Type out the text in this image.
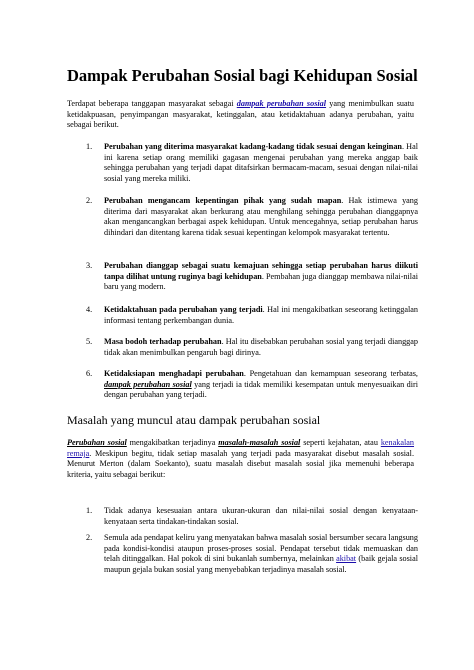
Dampak Perubahan Sosial bagi Kehidupan Sosial

Terdapat beberapa tanggapan masyarakat sebagai dampak perubahan sosial yang menimbulkan suatu ketidakpuasan, penyimpangan masyarakat, ketinggalan, atau ketidaktahuan adanya perubahan, yaitu sebagai berikut.

1. Perubahan yang diterima masyarakat kadang-kadang tidak sesuai dengan keinginan. Hal ini karena setiap orang memiliki gagasan mengenai perubahan yang mereka anggap baik sehingga perubahan yang terjadi dapat ditafsirkan bermacam-macam, sesuai dengan nilai-nilai sosial yang mereka miliki.
2. Perubahan mengancam kepentingan pihak yang sudah mapan. Hak istimewa yang diterima dari masyarakat akan berkurang atau menghilang sehingga perubahan dianggapnya akan mengancangkan berbagai aspek kehidupan. Untuk mencegahnya, setiap perubahan harus dihindari dan ditentang karena tidak sesuai kepentingan kelompok masyarakat tertentu.
3. Perubahan dianggap sebagai suatu kemajuan sehingga setiap perubahan harus diikuti tanpa dilihat untung ruginya bagi kehidupan. Pembahan juga dianggap membawa nilai-nilai baru yang modern.
4. Ketidaktahuan pada perubahan yang terjadi. Hal ini mengakibatkan seseorang ketinggalan informasi tentang perkembangan dunia.
5. Masa bodoh terhadap perubahan. Hal itu disebabkan perubahan sosial yang terjadi dianggap tidak akan menimbulkan pengaruh bagi dirinya.
6. Ketidaksiapan menghadapi perubahan. Pengetahuan dan kemampuan seseorang terbatas, dampak perubahan sosial yang terjadi ia tidak memiliki kesempatan untuk menyesuaikan diri dengan perubahan yang terjadi.
Masalah yang muncul atau dampak perubahan sosial

Perubahan sosial mengakibatkan terjadinya masalah-masalah sosial seperti kejahatan, atau kenakalan remaja. Meskipun begitu, tidak setiap masalah yang terjadi pada masyarakat disebut masalah sosial. Menurut Merton (dalam Soekanto), suatu masalah disebut masalah sosial jika memenuhi beberapa kriteria, yaitu sebagai berikut:

1. Tidak adanya kesesuaian antara ukuran-ukuran dan nilai-nilai sosial dengan kenyataan-kenyataan serta tindakan-tindakan sosial.
2. Semula ada pendapat keliru yang menyatakan bahwa masalah sosial bersumber secara langsung pada kondisi-kondisi ataupun proses-proses sosial. Pendapat tersebut tidak memuaskan dan telah ditinggalkan. Hal pokok di sini bukanlah sumbernya, melainkan akibat (baik gejala sosial maupun gejala bukan sosial yang menyebabkan terjadinya masalah sosial.
